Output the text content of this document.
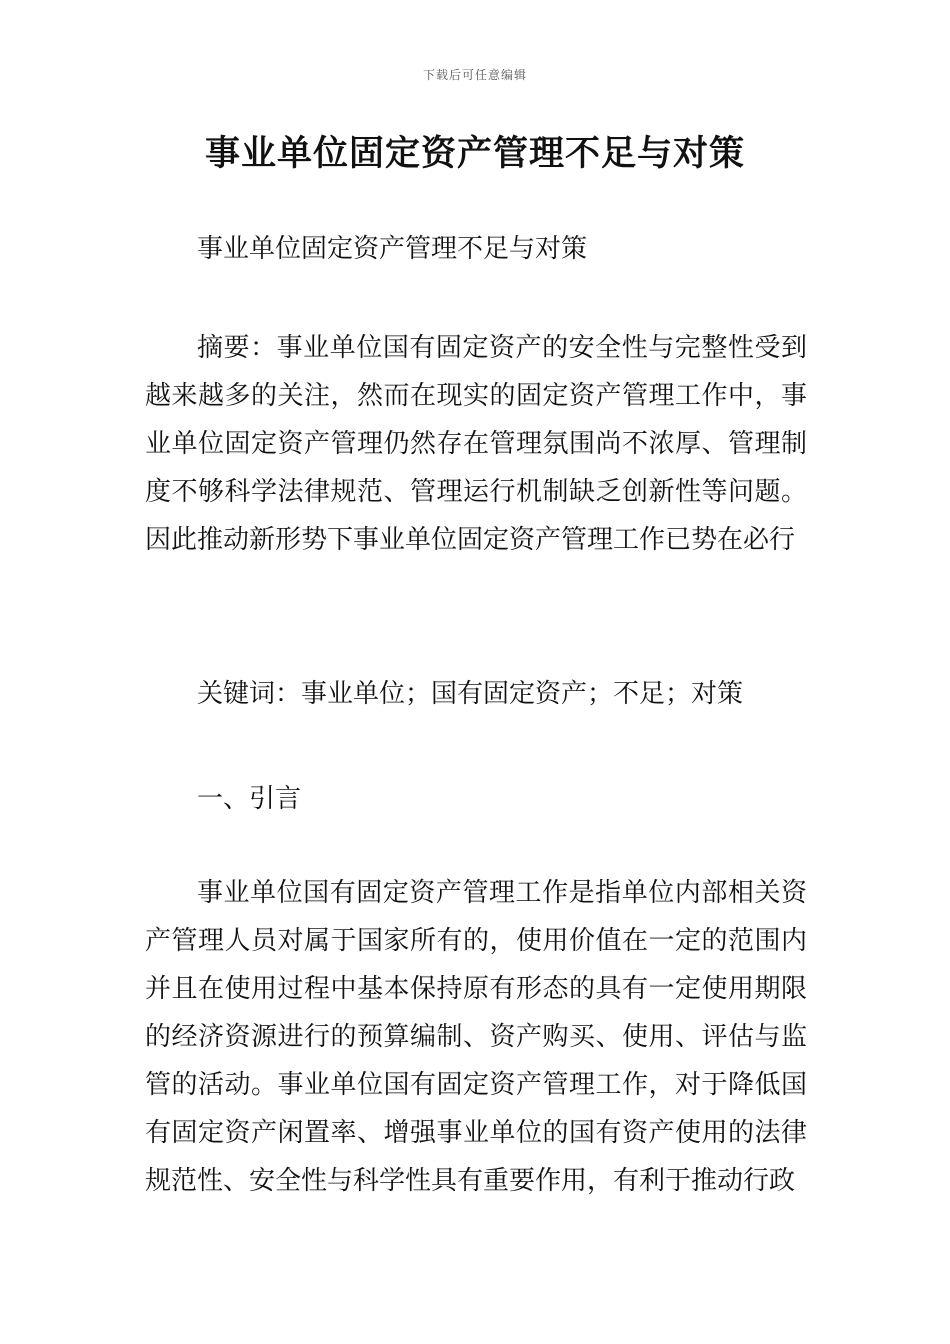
下载后可任意编辑
事业单位固定资产管理不足与对策

事业单位固定资产管理不足与对策

摘要：事业单位国有固定资产的安全性与完整性受到越来越多的关注，然而在现实的固定资产管理工作中，事业单位固定资产管理仍然存在管理氛围尚不浓厚、管理制度不够科学法律规范、管理运行机制缺乏创新性等问题。因此推动新形势下事业单位固定资产管理工作已势在必行

关键词：事业单位；国有固定资产；不足；对策

一、引言

事业单位国有固定资产管理工作是指单位内部相关资产管理人员对属于国家所有的，使用价值在一定的范围内并且在使用过程中基本保持原有形态的具有一定使用期限的经济资源进行的预算编制、资产购买、使用、评估与监管的活动。事业单位国有固定资产管理工作，对于降低国有固定资产闲置率、增强事业单位的国有资产使用的法律规范性、安全性与科学性具有重要作用，有利于推动行政
